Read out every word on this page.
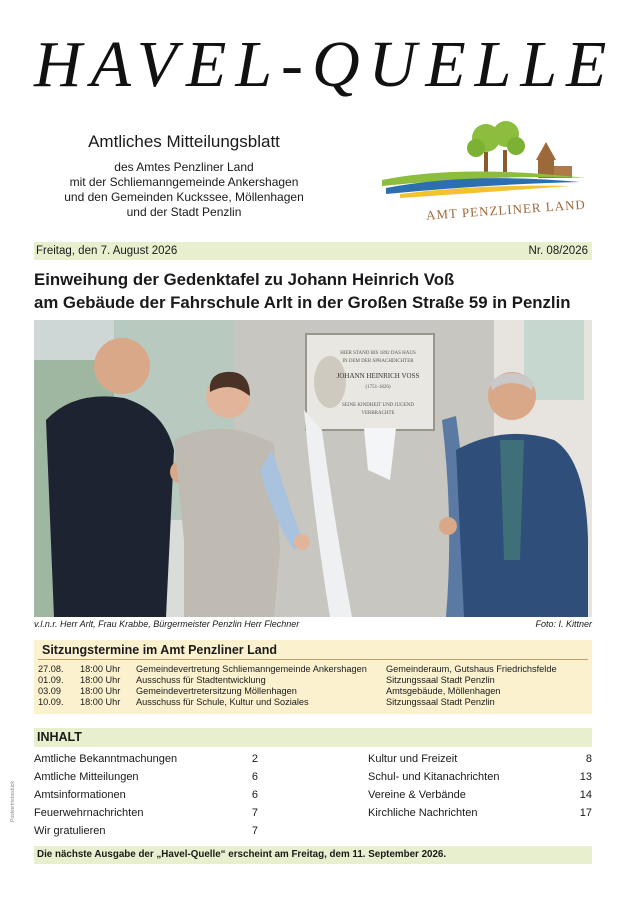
HAVEL-QUELLE
Amtliches Mitteilungsblatt
des Amtes Penzliner Land
mit der Schliemanngemeinde Ankershagen
und den Gemeinden Kuckssee, Möllenhagen
und der Stadt Penzlin	AMT PENZLINER LAND
Freitag, den 7. August 2026	Nr. 08/2026
Einweihung der Gedenktafel zu Johann Heinrich Voß
am Gebäude der Fahrschule Arlt in der Großen Straße 59 in Penzlin
HIER STAND BIS 1892 DAS HAUS
IN DEM DER SPRACHDICHTER
JOHANN HEINRICH VOSS
(1751-1826)
SEINE KINDHEIT UND JUGEND
VERBRACHTE
v.l.n.r. Herr Arlt, Frau Krabbe, Bürgermeister Penzlin Herr Flechner	Foto: I. Kittner
Sitzungstermine im Amt Penzliner Land
27.08.	18:00 Uhr	Gemeindevertretung Schliemanngemeinde Ankershagen	Gemeinderaum, Gutshaus Friedrichsfelde
01.09.	18:00 Uhr	Ausschuss für Stadtentwicklung	Sitzungssaal Stadt Penzlin
03.09	18:00 Uhr	Gemeindevertretersitzung Möllenhagen	Amtsgebäude, Möllenhagen
10.09.	18:00 Uhr	Ausschuss für Schule, Kultur und Soziales	Sitzungssaal Stadt Penzlin
INHALT
Amtliche Bekanntmachungen	2
Amtliche Mitteilungen	6
Amtsinformationen	6
Feuerwehrnachrichten	7
Wir gratulieren	7
Kultur und Freizeit	8
Schul- und Kitanachrichten	13
Vereine & Verbände	14
Kirchliche Nachrichten	17
Postvertriebsstück
Die nächste Ausgabe der „Havel-Quelle“ erscheint am Freitag, dem 11. September 2026.
